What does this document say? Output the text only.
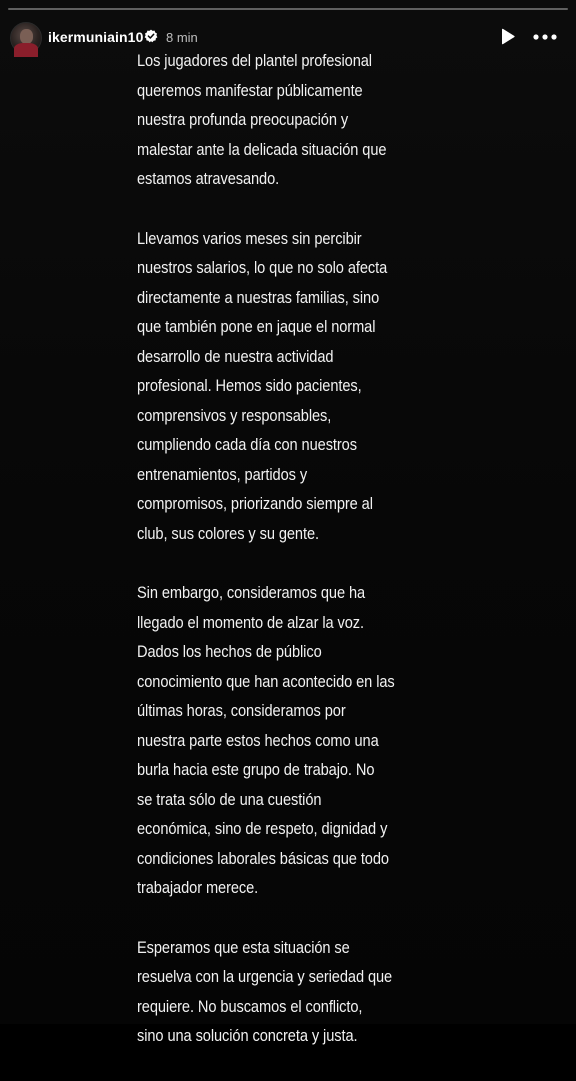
ikermuniain10 8 min

Los jugadores del plantel profesional
queremos manifestar públicamente
nuestra profunda preocupación y
malestar ante la delicada situación que
estamos atravesando.

Llevamos varios meses sin percibir
nuestros salarios, lo que no solo afecta
directamente a nuestras familias, sino
que también pone en jaque el normal
desarrollo de nuestra actividad
profesional. Hemos sido pacientes,
comprensivos y responsables,
cumpliendo cada día con nuestros
entrenamientos, partidos y
compromisos, priorizando siempre al
club, sus colores y su gente.

Sin embargo, consideramos que ha
llegado el momento de alzar la voz.
Dados los hechos de público
conocimiento que han acontecido en las
últimas horas, consideramos por
nuestra parte estos hechos como una
burla hacia este grupo de trabajo. No
se trata sólo de una cuestión
económica, sino de respeto, dignidad y
condiciones laborales básicas que todo
trabajador merece.

Esperamos que esta situación se
resuelva con la urgencia y seriedad que
requiere. No buscamos el conflicto,
sino una solución concreta y justa.
